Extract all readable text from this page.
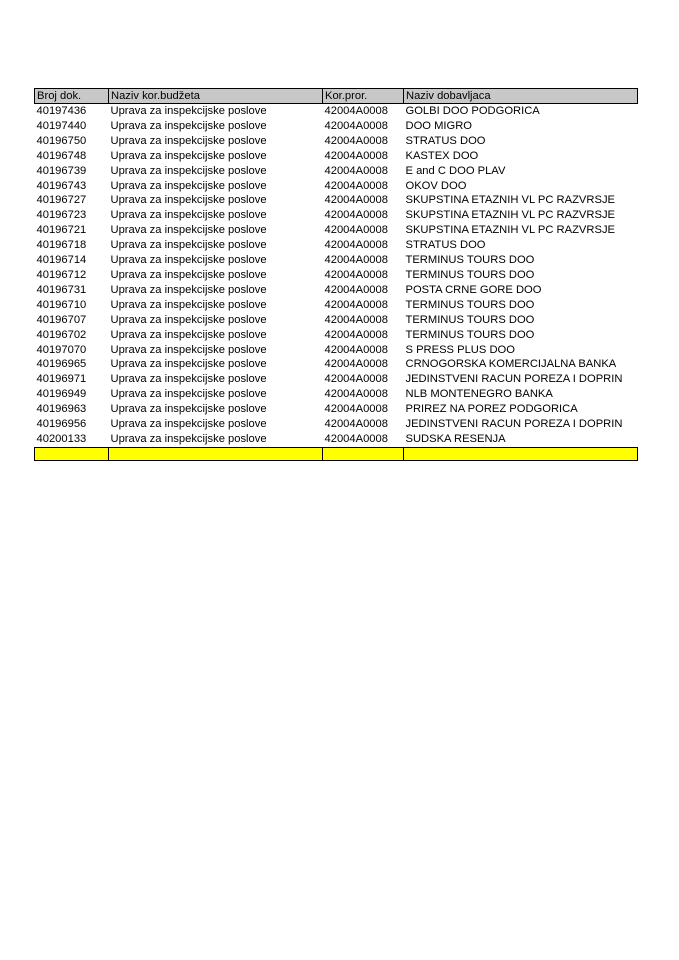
Broj dok.	Naziv kor.budžeta	Kor.pror.	Naziv dobavljaca
40197436	Uprava za inspekcijske poslove	42004A0008	GOLBI DOO PODGORICA
40197440	Uprava za inspekcijske poslove	42004A0008	DOO MIGRO
40196750	Uprava za inspekcijske poslove	42004A0008	STRATUS DOO
40196748	Uprava za inspekcijske poslove	42004A0008	KASTEX DOO
40196739	Uprava za inspekcijske poslove	42004A0008	E and C DOO PLAV
40196743	Uprava za inspekcijske poslove	42004A0008	OKOV DOO
40196727	Uprava za inspekcijske poslove	42004A0008	SKUPSTINA ETAZNIH VL PC RAZVRSJE
40196723	Uprava za inspekcijske poslove	42004A0008	SKUPSTINA ETAZNIH VL PC RAZVRSJE
40196721	Uprava za inspekcijske poslove	42004A0008	SKUPSTINA ETAZNIH VL PC RAZVRSJE
40196718	Uprava za inspekcijske poslove	42004A0008	STRATUS DOO
40196714	Uprava za inspekcijske poslove	42004A0008	TERMINUS TOURS DOO
40196712	Uprava za inspekcijske poslove	42004A0008	TERMINUS TOURS DOO
40196731	Uprava za inspekcijske poslove	42004A0008	POSTA CRNE GORE DOO
40196710	Uprava za inspekcijske poslove	42004A0008	TERMINUS TOURS DOO
40196707	Uprava za inspekcijske poslove	42004A0008	TERMINUS TOURS DOO
40196702	Uprava za inspekcijske poslove	42004A0008	TERMINUS TOURS DOO
40197070	Uprava za inspekcijske poslove	42004A0008	S PRESS PLUS DOO
40196965	Uprava za inspekcijske poslove	42004A0008	CRNOGORSKA KOMERCIJALNA BANKA
40196971	Uprava za inspekcijske poslove	42004A0008	JEDINSTVENI RACUN POREZA I DOPRIN
40196949	Uprava za inspekcijske poslove	42004A0008	NLB MONTENEGRO BANKA
40196963	Uprava za inspekcijske poslove	42004A0008	PRIREZ NA POREZ PODGORICA
40196956	Uprava za inspekcijske poslove	42004A0008	JEDINSTVENI RACUN POREZA I DOPRIN
40200133	Uprava za inspekcijske poslove	42004A0008	SUDSKA RESENJA
